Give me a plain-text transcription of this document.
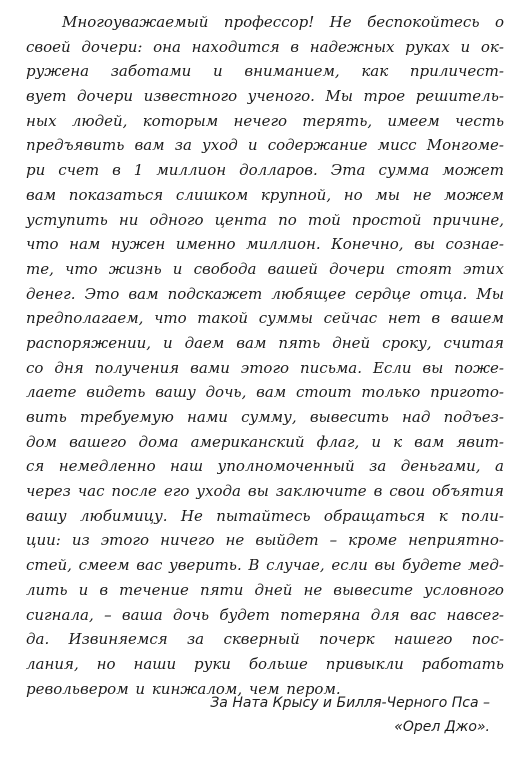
Многоуважаемый профессор! Не беспокойтесь о
своей дочери: она находится в надежных руках и ок-
ружена заботами и вниманием, как приличест-
вует дочери известного ученого. Мы трое решитель-
ных людей, которым нечего терять, имеем честь
предъявить вам за уход и содержание мисс Монгоме-
ри счет в 1 миллион долларов. Эта сумма может
вам показаться слишком крупной, но мы не можем
уступить ни одного цента по той простой причине,
что нам нужен именно миллион. Конечно, вы сознае-
те, что жизнь и свобода вашей дочери стоят этих
денег. Это вам подскажет любящее сердце отца. Мы
предполагаем, что такой суммы сейчас нет в вашем
распоряжении, и даем вам пять дней сроку, считая
со дня получения вами этого письма. Если вы поже-
лаете видеть вашу дочь, вам стоит только пригото-
вить требуемую нами сумму, вывесить над подъез-
дом вашего дома американский флаг, и к вам явит-
ся немедленно наш уполномоченный за деньгами, а
через час после его ухода вы заключите в свои объятия
вашу любимицу. Не пытайтесь обращаться к поли-
ции: из этого ничего не выйдет – кроме неприятно-
стей, смеем вас уверить. В случае, если вы будете мед-
лить и в течение пяти дней не вывесите условного
сигнала, – ваша дочь будет потеряна для вас навсег-
да. Извиняемся за скверный почерк нашего пос-
лания, но наши руки больше привыкли работать
револьвером и кинжалом, чем пером.
За Ната Крысу и Билля-Черного Пса –
«Орел Джо».
